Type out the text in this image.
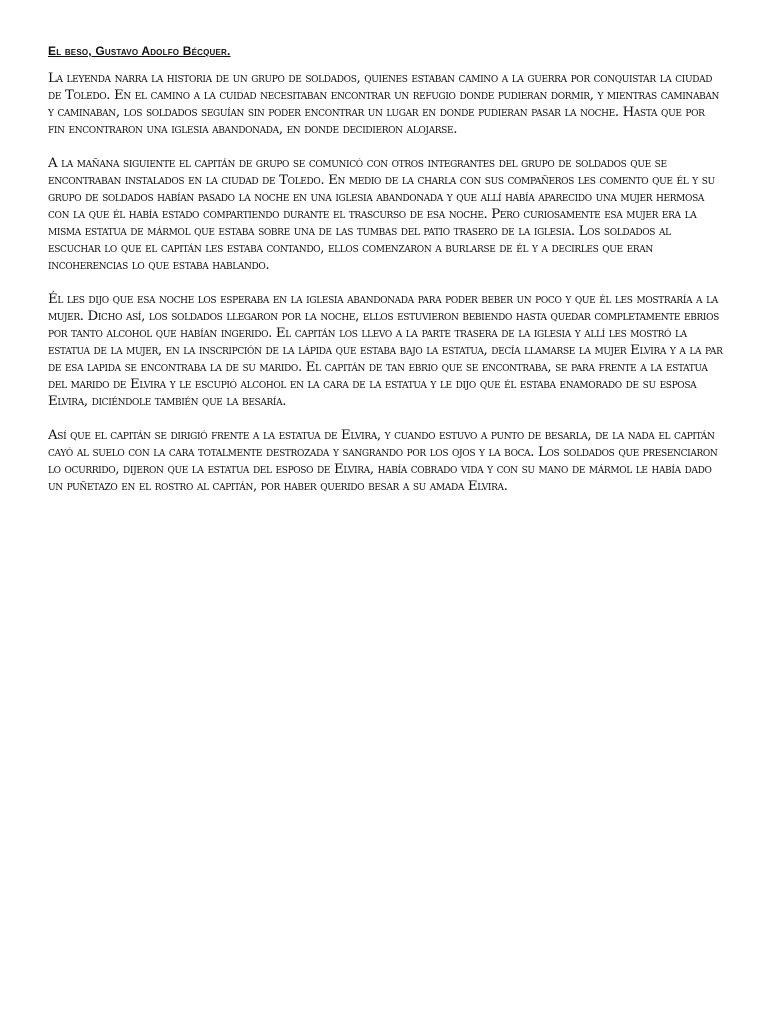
El beso, Gustavo Adolfo Bécquer.

La leyenda narra la historia de un grupo de soldados, quienes estaban camino a la guerra por conquistar la ciudad de Toledo. En el camino a la cuidad necesitaban encontrar un refugio donde pudieran dormir, y mientras caminaban y caminaban, los soldados seguían sin poder encontrar un lugar en donde pudieran pasar la noche. Hasta que por fin encontraron una iglesia abandonada, en donde decidieron alojarse.

A la mañana siguiente el capitán de grupo se comunicó con otros integrantes del grupo de soldados que se encontraban instalados en la ciudad de Toledo. En medio de la charla con sus compañeros les comento que él y su grupo de soldados habían pasado la noche en una iglesia abandonada y que allí había aparecido una mujer hermosa con la que él había estado compartiendo durante el trascurso de esa noche. Pero curiosamente esa mujer era la misma estatua de mármol que estaba sobre una de las tumbas del patio trasero de la iglesia. Los soldados al escuchar lo que el capitán les estaba contando, ellos comenzaron a burlarse de él y a decirles que eran incoherencias lo que estaba hablando.

Él les dijo que esa noche los esperaba en la iglesia abandonada para poder beber un poco y que él les mostraría a la mujer. Dicho así, los soldados llegaron por la noche, ellos estuvieron bebiendo hasta quedar completamente ebrios por tanto alcohol que habían ingerido. El capitán los llevo a la parte trasera de la iglesia y allí les mostró la estatua de la mujer, en la inscripción de la lápida que estaba bajo la estatua, decía llamarse la mujer Elvira y a la par de esa lapida se encontraba la de su marido. El capitán de tan ebrio que se encontraba, se para frente a la estatua del marido de Elvira y le escupió alcohol en la cara de la estatua y le dijo que él estaba enamorado de su esposa Elvira, diciéndole también que la besaría.

Así que el capitán se dirigió frente a la estatua de Elvira, y cuando estuvo a punto de besarla, de la nada el capitán cayó al suelo con la cara totalmente destrozada y sangrando por los ojos y la boca. Los soldados que presenciaron lo ocurrido, dijeron que la estatua del esposo de Elvira, había cobrado vida y con su mano de mármol le había dado un puñetazo en el rostro al capitán, por haber querido besar a su amada Elvira.
